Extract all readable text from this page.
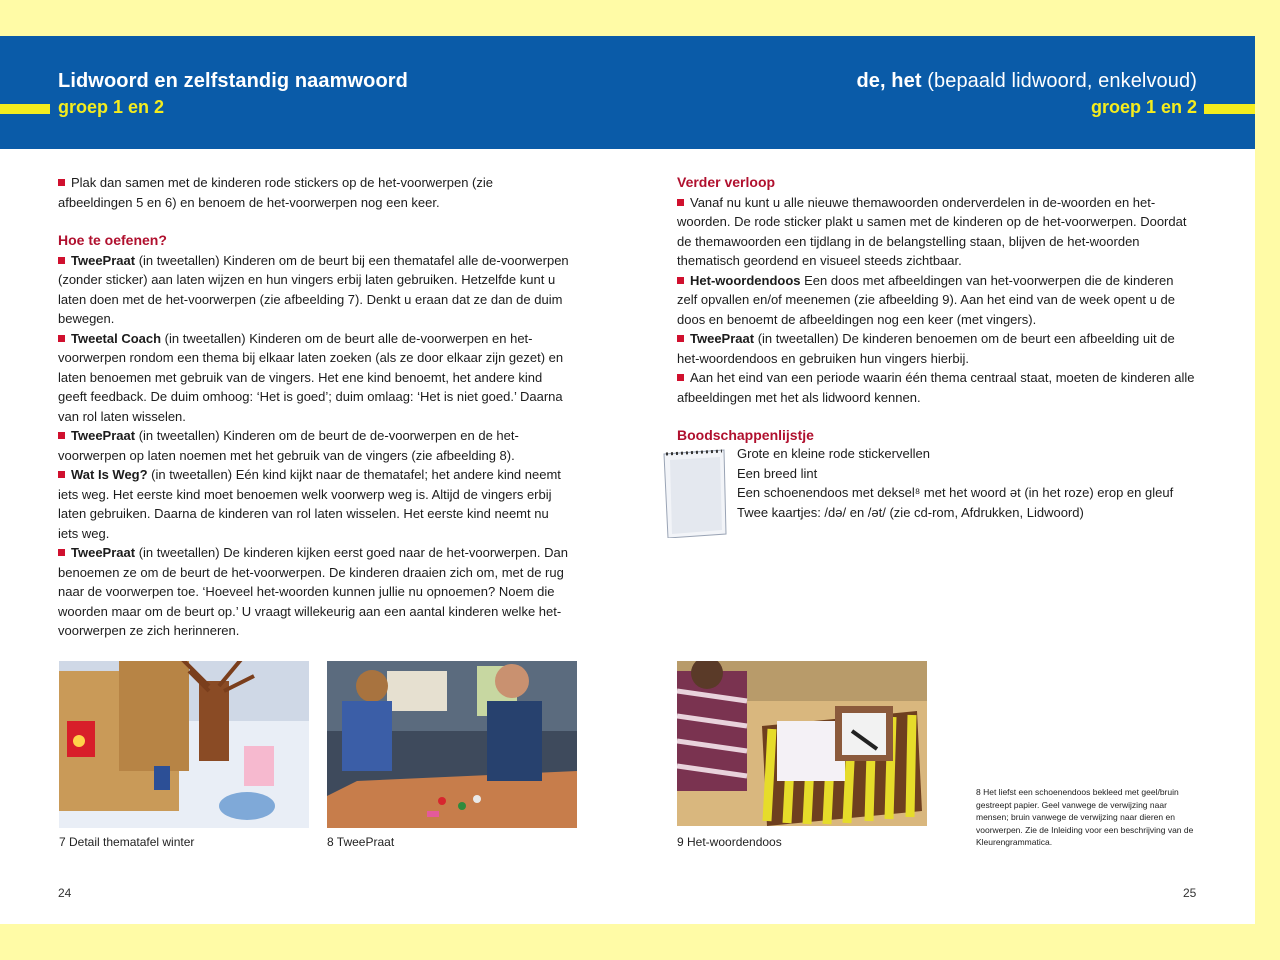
Lidwoord en zelfstandig naamwoord
groep 1 en 2
de, het (bepaald lidwoord, enkelvoud)
groep 1 en 2

Plak dan samen met de kinderen rode stickers op de het-voorwerpen (zie afbeeldingen 5 en 6) en benoem de het-voorwerpen nog een keer.

Hoe te oefenen?

TweePraat (in tweetallen) Kinderen om de beurt bij een thematafel alle de-voorwerpen (zonder sticker) aan laten wijzen en hun vingers erbij laten gebruiken. Hetzelfde kunt u laten doen met de het-voorwerpen (zie afbeelding 7). Denkt u eraan dat ze dan de duim bewegen.

Tweetal Coach (in tweetallen) Kinderen om de beurt alle de-voorwerpen en het-voorwerpen rondom een thema bij elkaar laten zoeken (als ze door elkaar zijn gezet) en laten benoemen met gebruik van de vingers. Het ene kind benoemt, het andere kind geeft feedback. De duim omhoog: ‘Het is goed’; duim omlaag: ‘Het is niet goed.’ Daarna van rol laten wisselen.

TweePraat (in tweetallen) Kinderen om de beurt de de-voorwerpen en de het-voorwerpen op laten noemen met het gebruik van de vingers (zie afbeelding 8).

Wat Is Weg? (in tweetallen) Eén kind kijkt naar de thematafel; het andere kind neemt iets weg. Het eerste kind moet benoemen welk voorwerp weg is. Altijd de vingers erbij laten gebruiken. Daarna de kinderen van rol laten wisselen. Het eerste kind neemt nu iets weg.

TweePraat (in tweetallen) De kinderen kijken eerst goed naar de het-voorwerpen. Dan benoemen ze om de beurt de het-voorwerpen. De kinderen draaien zich om, met de rug naar de voorwerpen toe. ‘Hoeveel het-woorden kunnen jullie nu opnoemen? Noem die woorden maar om de beurt op.’ U vraagt willekeurig aan een aantal kinderen welke het-voorwerpen ze zich herinneren.

7 Detail thematafel winter	8 TweePraat
24

Verder verloop

Vanaf nu kunt u alle nieuwe themawoorden onderverdelen in de-woorden en het-woorden. De rode sticker plakt u samen met de kinderen op de het-voorwerpen. Doordat de themawoorden een tijdlang in de belangstelling staan, blijven de het-woorden thematisch geordend en visueel steeds zichtbaar.

Het-woordendoos Een doos met afbeeldingen van het-voorwerpen die de kinderen zelf opvallen en/of meenemen (zie afbeelding 9). Aan het eind van de week opent u de doos en benoemt de afbeeldingen nog een keer (met vingers).

TweePraat (in tweetallen) De kinderen benoemen om de beurt een afbeelding uit de het-woordendoos en gebruiken hun vingers hierbij.

Aan het eind van een periode waarin één thema centraal staat, moeten de kinderen alle afbeeldingen met het als lidwoord kennen.

Boodschappenlijstje

Grote en kleine rode stickervellen
Een breed lint
Een schoenendoos met deksel⁸ met het woord ət (in het roze) erop en gleuf
Twee kaartjes: /də/ en /ət/ (zie cd-rom, Afdrukken, Lidwoord)
9 Het-woordendoos
8 Het liefst een schoenendoos bekleed met geel/bruin gestreept papier. Geel vanwege de verwijzing naar mensen; bruin vanwege de verwijzing naar dieren en voorwerpen. Zie de Inleiding voor een beschrijving van de Kleurengrammatica.
25
